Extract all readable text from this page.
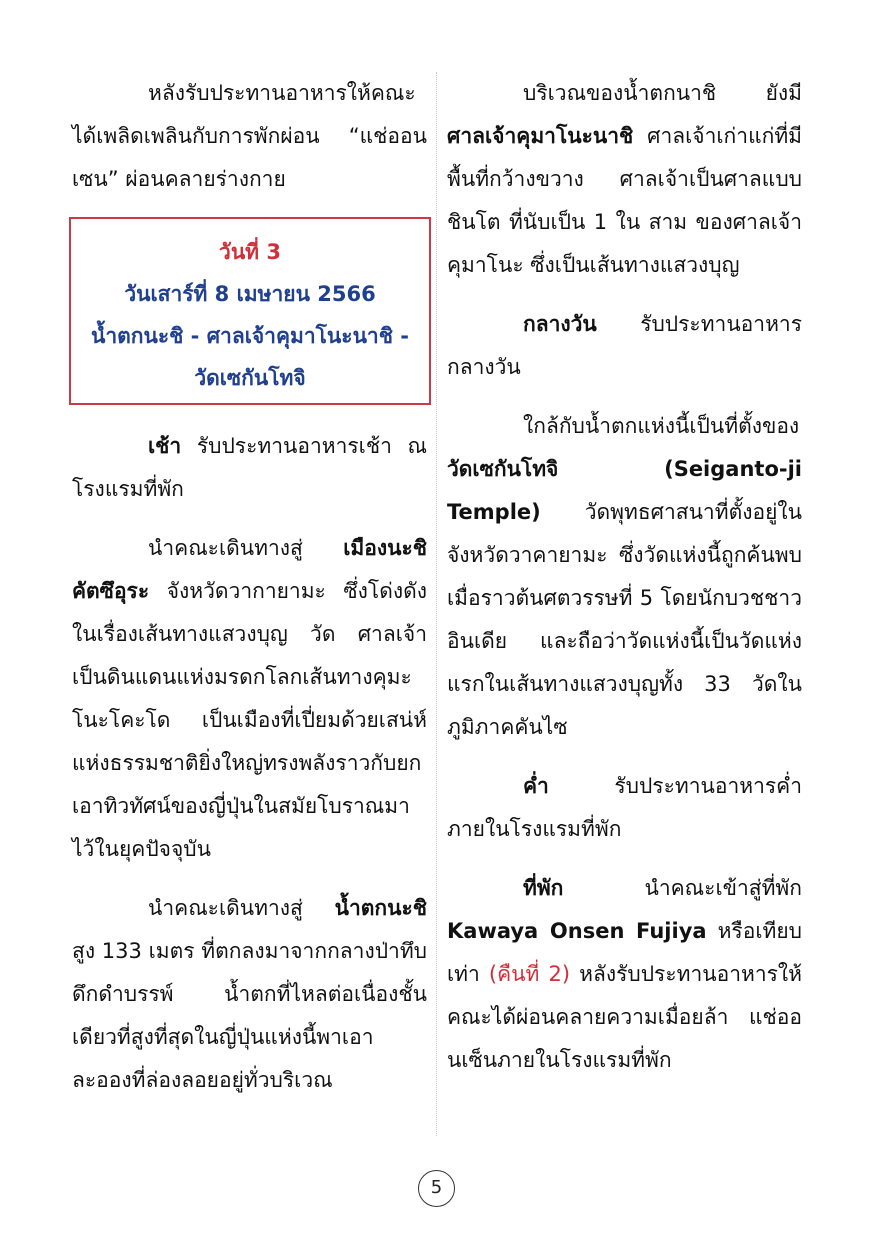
หลังรับประทานอาหารให้คณะได้เพลิดเพลินกับการพักผ่อน “แช่ออนเซน” ผ่อนคลายร่างกาย

วันที่ 3
วันเสาร์ที่ 8 เมษายน 2566
น้ำตกนะชิ - ศาลเจ้าคุมาโนะนาชิ -
วัดเซกันโทจิ

เช้า รับประทานอาหารเช้า ณ โรงแรมที่พัก

นำคณะเดินทางสู่ เมืองนะชิคัตซึอุระ จังหวัดวากายามะ ซึ่งโด่งดังในเรื่องเส้นทางแสวงบุญ วัด ศาลเจ้า เป็นดินแดนแห่งมรดกโลกเส้นทางคุมะโนะโคะโด เป็นเมืองที่เปี่ยมด้วยเสน่ห์แห่งธรรมชาติยิ่งใหญ่ทรงพลังราวกับยกเอาทิวทัศน์ของญี่ปุ่นในสมัยโบราณมาไว้ในยุคปัจจุบัน

นำคณะเดินทางสู่ น้ำตกนะชิ สูง 133 เมตร ที่ตกลงมาจากกลางป่าทึบดึกดำบรรพ์ น้ำตกที่ไหลต่อเนื่องชั้นเดียวที่สูงที่สุดในญี่ปุ่นแห่งนี้พาเอาละอองที่ล่องลอยอยู่ทั่วบริเวณ

บริเวณของน้ำตกนาชิ ยังมี ศาลเจ้าคุมาโนะนาชิ ศาลเจ้าเก่าแก่ที่มีพื้นที่กว้างขวาง ศาลเจ้าเป็นศาลแบบชินโต ที่นับเป็น 1 ใน สาม ของศาลเจ้าคุมาโนะ ซึ่งเป็นเส้นทางแสวงบุญ

กลางวัน รับประทานอาหารกลางวัน

ใกล้กับน้ำตกแห่งนี้เป็นที่ตั้งของ วัดเซกันโทจิ (Seiganto-ji Temple) วัดพุทธศาสนาที่ตั้งอยู่ในจังหวัดวาคายามะ ซึ่งวัดแห่งนี้ถูกค้นพบเมื่อราวต้นศตวรรษที่ 5 โดยนักบวชชาวอินเดีย และถือว่าวัดแห่งนี้เป็นวัดแห่งแรกในเส้นทางแสวงบุญทั้ง 33 วัดในภูมิภาคคันไซ

ค่ำ รับประทานอาหารค่ำภายในโรงแรมที่พัก

ที่พัก นำคณะเข้าสู่ที่พัก Kawaya Onsen Fujiya หรือเทียบเท่า (คืนที่ 2) หลังรับประทานอาหารให้คณะได้ผ่อนคลายความเมื่อยล้า แช่ออนเซ็นภายในโรงแรมที่พัก

5
